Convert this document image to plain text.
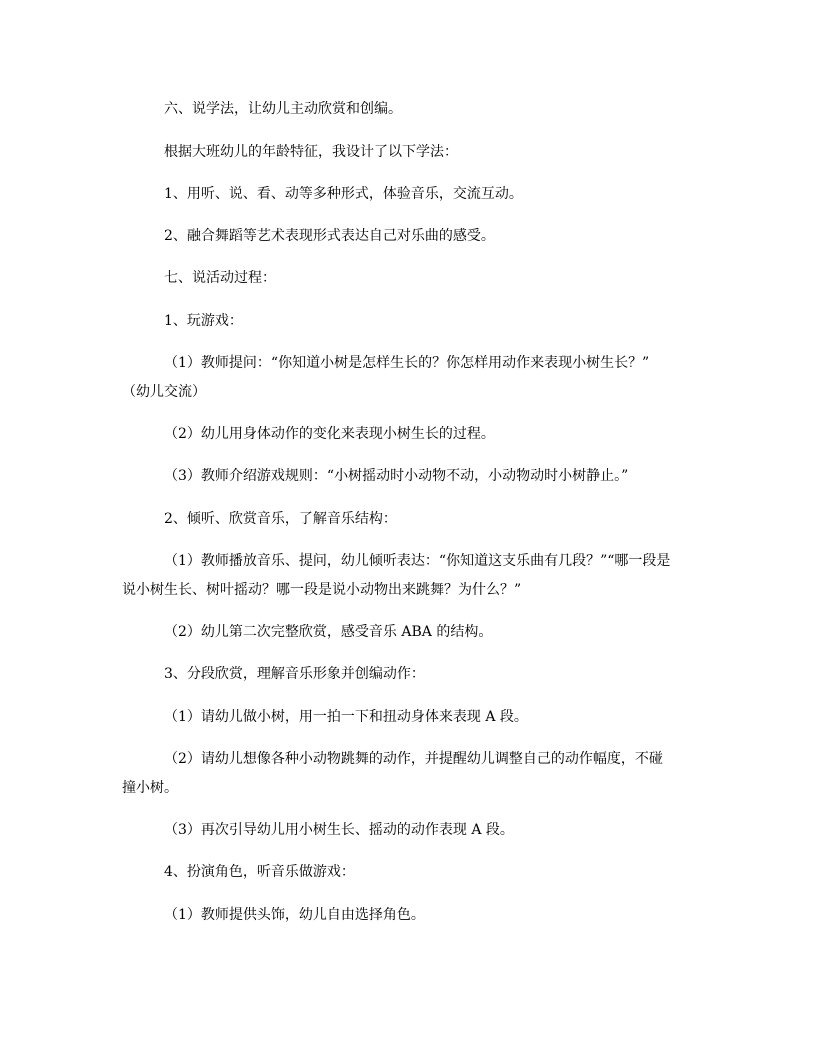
六、说学法，让幼儿主动欣赏和创编。
根据大班幼儿的年龄特征，我设计了以下学法：
1、用听、说、看、动等多种形式，体验音乐，交流互动。
2、融合舞蹈等艺术表现形式表达自己对乐曲的感受。
七、说活动过程：
1、玩游戏：
（1）教师提问：“你知道小树是怎样生长的？你怎样用动作来表现小树生长？”
（幼儿交流）
（2）幼儿用身体动作的变化来表现小树生长的过程。
（3）教师介绍游戏规则：“小树摇动时小动物不动，小动物动时小树静止。”
2、倾听、欣赏音乐，了解音乐结构：
（1）教师播放音乐、提问，幼儿倾听表达：“你知道这支乐曲有几段？”“哪一段是
说小树生长、树叶摇动？哪一段是说小动物出来跳舞？为什么？”
（2）幼儿第二次完整欣赏，感受音乐 ABA 的结构。
3、分段欣赏，理解音乐形象并创编动作：
（1）请幼儿做小树，用一拍一下和扭动身体来表现 A 段。
（2）请幼儿想像各种小动物跳舞的动作，并提醒幼儿调整自己的动作幅度，不碰
撞小树。
（3）再次引导幼儿用小树生长、摇动的动作表现 A 段。
4、扮演角色，听音乐做游戏：
（1）教师提供头饰，幼儿自由选择角色。
